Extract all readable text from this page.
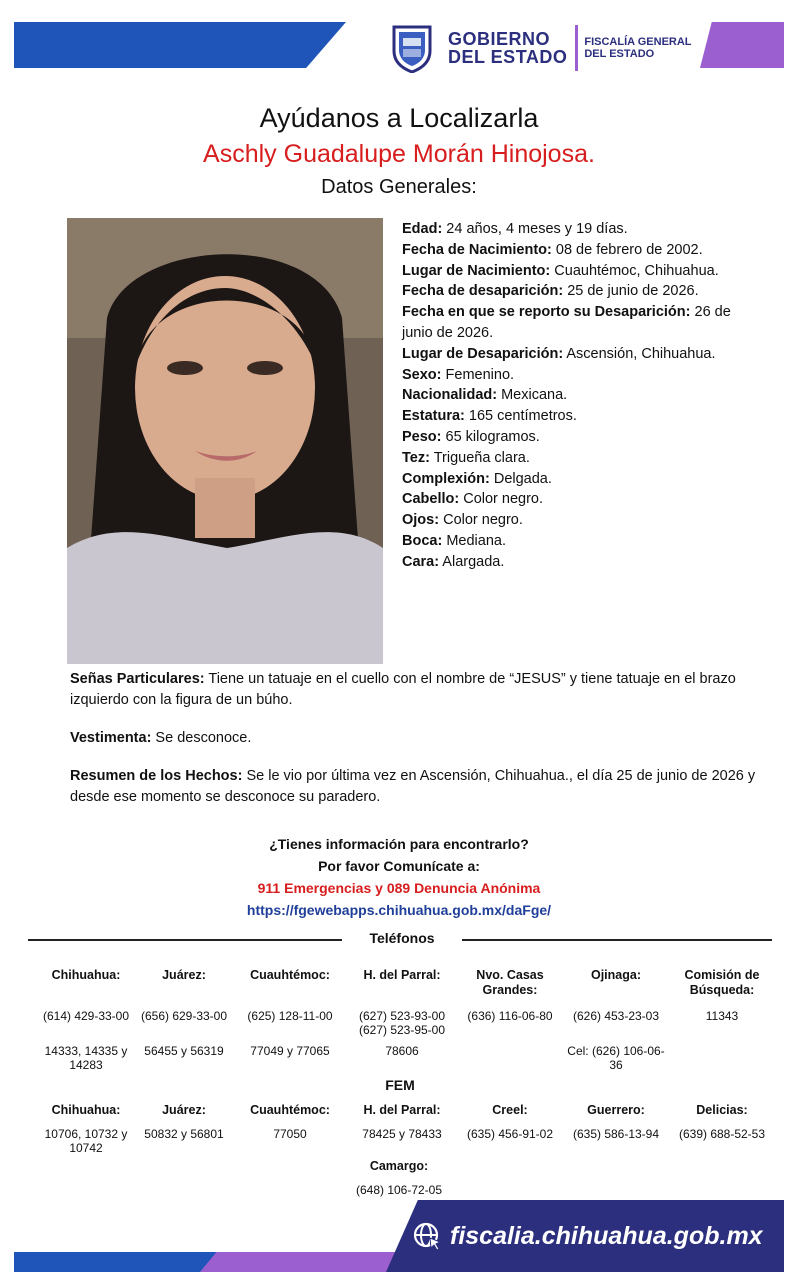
GOBIERNO
DEL ESTADO
FISCALÍA GENERAL
DEL ESTADO
Ayúdanos a Localizarla
Aschly Guadalupe Morán Hinojosa.
Datos Generales:
Edad: 24 años, 4 meses y 19 días.
Fecha de Nacimiento: 08 de febrero de 2002.
Lugar de Nacimiento: Cuauhtémoc, Chihuahua.
Fecha de desaparición: 25 de junio de 2026.
Fecha en que se reporto su Desaparición: 26 de junio de 2026.
Lugar de Desaparición: Ascensión, Chihuahua.
Sexo: Femenino.
Nacionalidad: Mexicana.
Estatura: 165 centímetros.
Peso: 65 kilogramos.
Tez: Trigueña clara.
Complexión: Delgada.
Cabello: Color negro.
Ojos: Color negro.
Boca: Mediana.
Cara: Alargada.
Señas Particulares: Tiene un tatuaje en el cuello con el nombre de “JESUS” y tiene tatuaje en el brazo izquierdo con la figura de un búho.
Vestimenta: Se desconoce.
Resumen de los Hechos: Se le vio por última vez en Ascensión, Chihuahua., el día 25 de junio de 2026 y desde ese momento se desconoce su paradero.
¿Tienes información para encontrarlo?
Por favor Comunícate a:
911 Emergencias y 089 Denuncia Anónima
https://fgewebapps.chihuahua.gob.mx/daFge/
Teléfonos
Chihuahua:
(614) 429-33-00
14333, 14335 y 14283
Juárez:
(656) 629-33-00
56455 y 56319
Cuauhtémoc:
(625) 128-11-00
77049 y 77065
H. del Parral:
(627) 523-93-00 (627) 523-95-00
78606
Nvo. Casas Grandes:
(636) 116-06-80
Ojinaga:
(626) 453-23-03
Cel: (626) 106-06-36
Comisión de Búsqueda:
11343
FEM
Chihuahua:
10706, 10732 y 10742
Juárez:
50832 y 56801
Cuauhtémoc:
77050
H. del Parral:
78425 y 78433
Creel:
(635) 456-91-02
Guerrero:
(635) 586-13-94
Delicias:
(639) 688-52-53
Camargo:
(648) 106-72-05
fiscalia.chihuahua.gob.mx
